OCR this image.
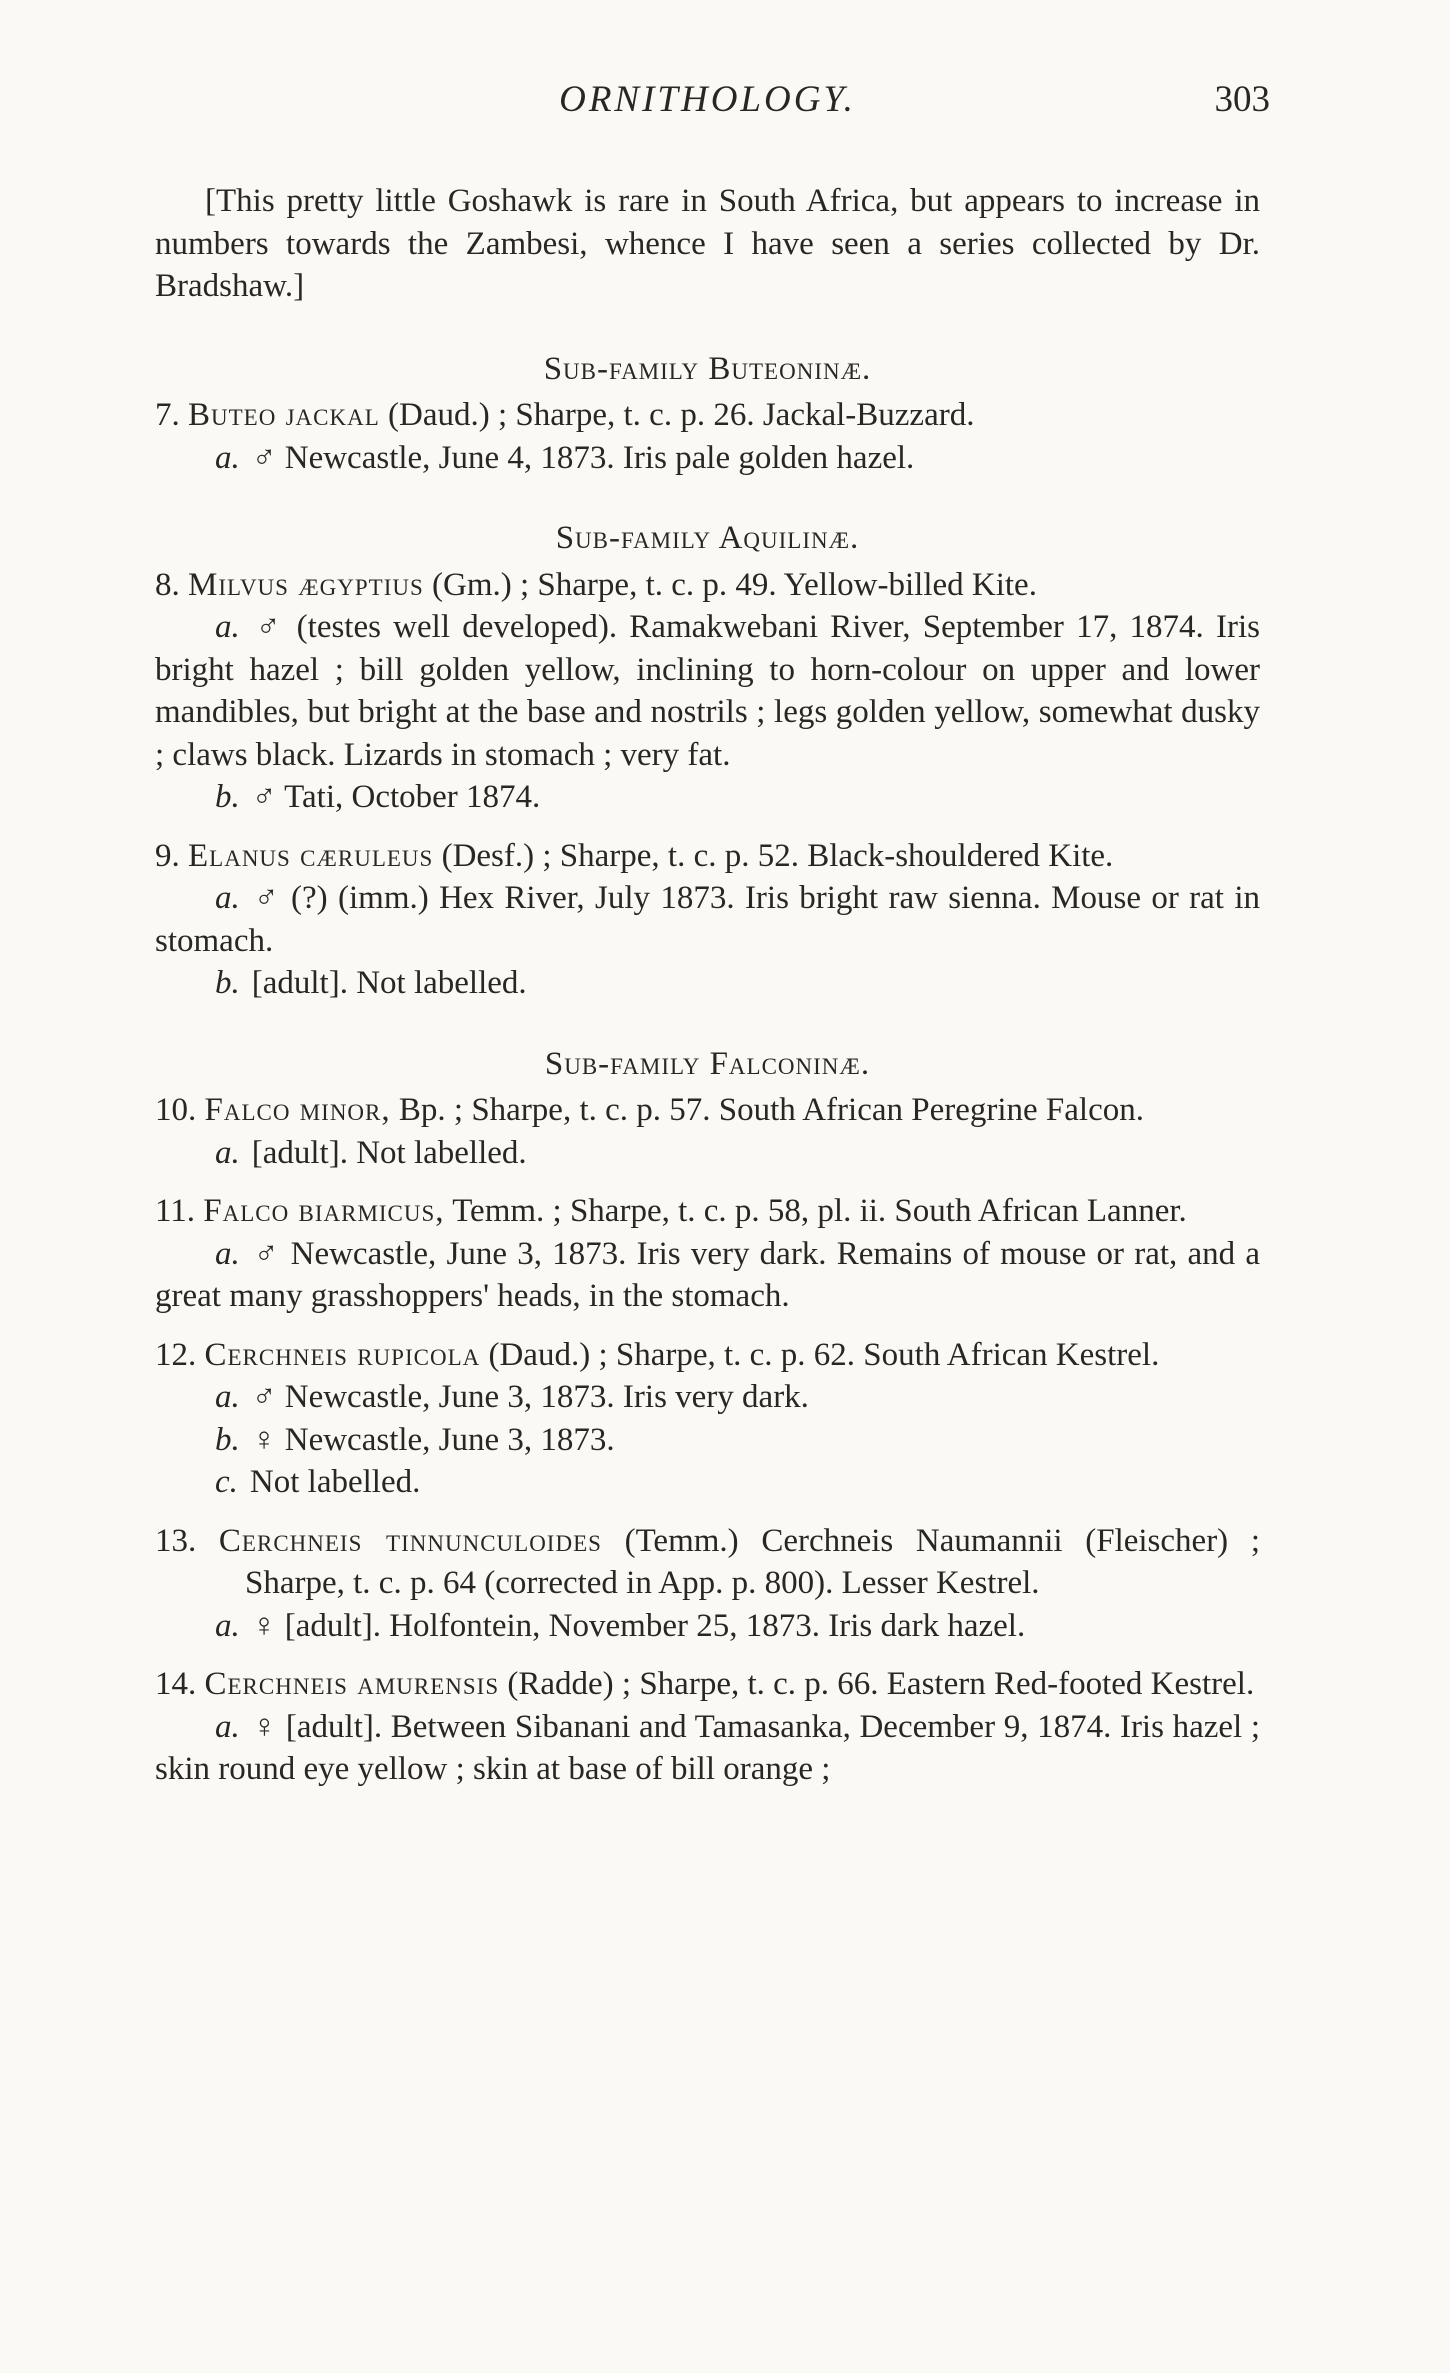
ORNITHOLOGY.	303

[This pretty little Goshawk is rare in South Africa, but appears to increase in numbers towards the Zambesi, whence I have seen a series collected by Dr. Bradshaw.]

Sub-family Buteoninæ.

7. Buteo jackal (Daud.) ; Sharpe, t. c. p. 26. Jackal-Buzzard.

a. ♂ Newcastle, June 4, 1873. Iris pale golden hazel.

Sub-family Aquilinæ.

8. Milvus ægyptius (Gm.) ; Sharpe, t. c. p. 49. Yellow-billed Kite.

a. ♂ (testes well developed). Ramakwebani River, September 17, 1874. Iris bright hazel ; bill golden yellow, inclining to horn-colour on upper and lower mandibles, but bright at the base and nostrils ; legs golden yellow, somewhat dusky ; claws black. Lizards in stomach ; very fat.

b. ♂ Tati, October 1874.

9. Elanus cæruleus (Desf.) ; Sharpe, t. c. p. 52. Black-shouldered Kite.

a. ♂ (?) (imm.) Hex River, July 1873. Iris bright raw sienna. Mouse or rat in stomach.

b. [adult]. Not labelled.

Sub-family Falconinæ.

10. Falco minor, Bp. ; Sharpe, t. c. p. 57. South African Peregrine Falcon.

a. [adult]. Not labelled.

11. Falco biarmicus, Temm. ; Sharpe, t. c. p. 58, pl. ii. South African Lanner.

a. ♂ Newcastle, June 3, 1873. Iris very dark. Remains of mouse or rat, and a great many grasshoppers' heads, in the stomach.

12. Cerchneis rupicola (Daud.) ; Sharpe, t. c. p. 62. South African Kestrel.

a. ♂ Newcastle, June 3, 1873. Iris very dark.

b. ♀ Newcastle, June 3, 1873.

c. Not labelled.

13. Cerchneis tinnunculoides (Temm.) Cerchneis Naumannii (Fleischer) ; Sharpe, t. c. p. 64 (corrected in App. p. 800). Lesser Kestrel.

a. ♀ [adult]. Holfontein, November 25, 1873. Iris dark hazel.

14. Cerchneis amurensis (Radde) ; Sharpe, t. c. p. 66. Eastern Red-footed Kestrel.

a. ♀ [adult]. Between Sibanani and Tamasanka, December 9, 1874. Iris hazel ; skin round eye yellow ; skin at base of bill orange ;
